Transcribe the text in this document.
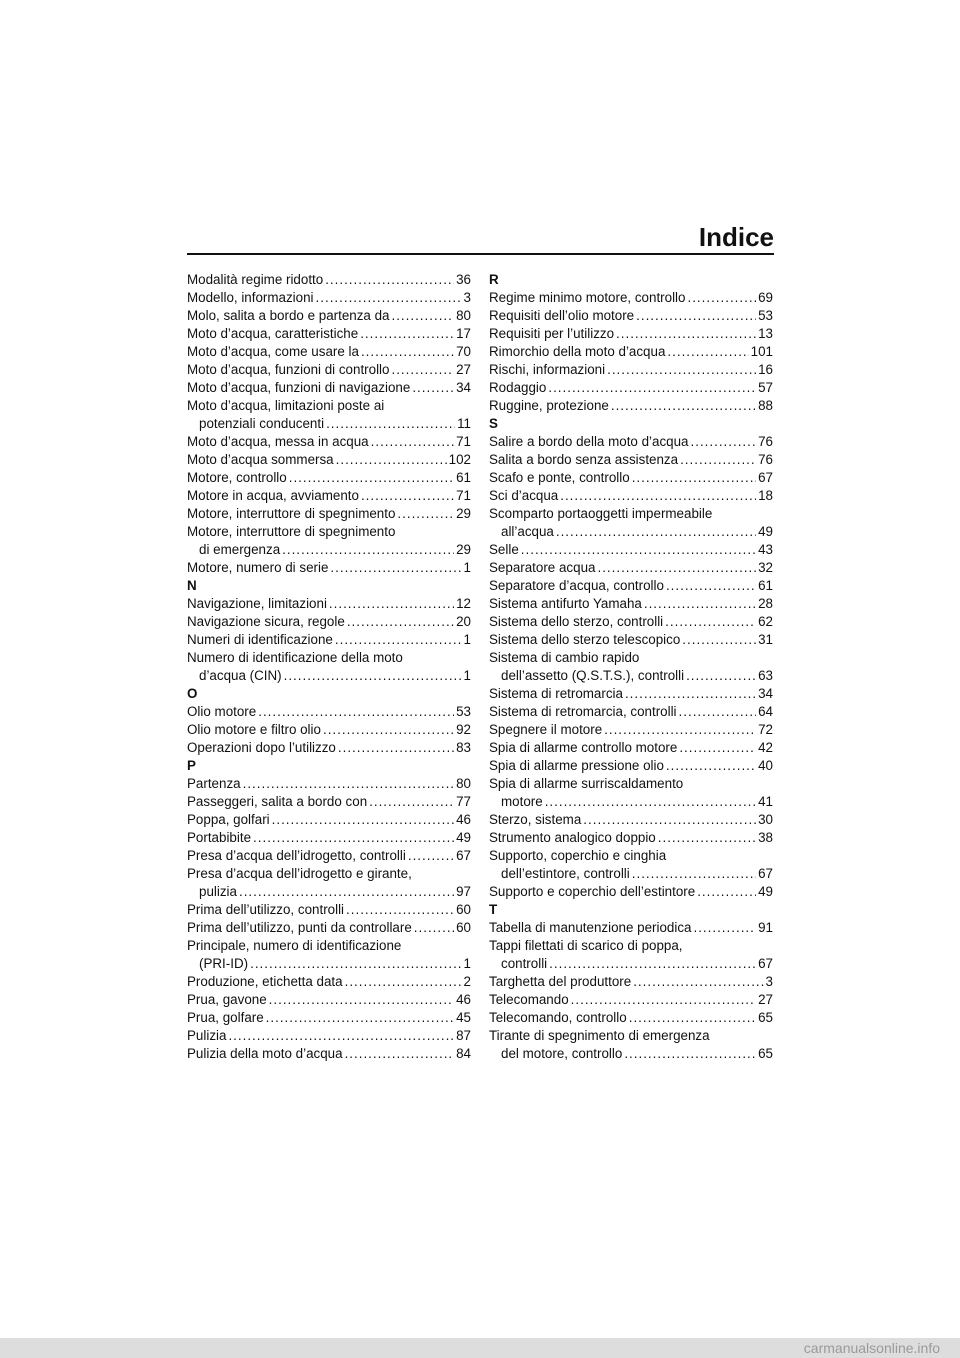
Indice
Modalità regime ridotto .....	36
Modello, informazioni .....	3
Molo, salita a bordo e partenza da .....	80
Moto d’acqua, caratteristiche .....	17
Moto d’acqua, come usare la .....	70
Moto d’acqua, funzioni di controllo .....	27
Moto d’acqua, funzioni di navigazione .....	34
Moto d’acqua, limitazioni poste ai
potenziali conducenti .....	11
Moto d’acqua, messa in acqua .....	71
Moto d’acqua sommersa .....	102
Motore, controllo .....	61
Motore in acqua, avviamento .....	71
Motore, interruttore di spegnimento .....	29
Motore, interruttore di spegnimento
di emergenza .....	29
Motore, numero di serie .....	1
N
Navigazione, limitazioni .....	12
Navigazione sicura, regole .....	20
Numeri di identificazione .....	1
Numero di identificazione della moto
d’acqua (CIN) .....	1
O
Olio motore .....	53
Olio motore e filtro olio .....	92
Operazioni dopo l’utilizzo .....	83
P
Partenza .....	80
Passeggeri, salita a bordo con .....	77
Poppa, golfari .....	46
Portabibite .....	49
Presa d’acqua dell’idrogetto, controlli .....	67
Presa d’acqua dell’idrogetto e girante,
pulizia .....	97
Prima dell’utilizzo, controlli .....	60
Prima dell’utilizzo, punti da controllare .....	60
Principale, numero di identificazione
(PRI-ID) .....	1
Produzione, etichetta data .....	2
Prua, gavone .....	46
Prua, golfare .....	45
Pulizia .....	87
Pulizia della moto d’acqua .....	84
R
Regime minimo motore, controllo .....	69
Requisiti dell’olio motore .....	53
Requisiti per l’utilizzo .....	13
Rimorchio della moto d’acqua .....	101
Rischi, informazioni .....	16
Rodaggio .....	57
Ruggine, protezione .....	88
S
Salire a bordo della moto d’acqua .....	76
Salita a bordo senza assistenza .....	76
Scafo e ponte, controllo .....	67
Sci d’acqua .....	18
Scomparto portaoggetti impermeabile
all’acqua .....	49
Selle .....	43
Separatore acqua .....	32
Separatore d’acqua, controllo .....	61
Sistema antifurto Yamaha .....	28
Sistema dello sterzo, controlli .....	62
Sistema dello sterzo telescopico .....	31
Sistema di cambio rapido
dell’assetto (Q.S.T.S.), controlli .....	63
Sistema di retromarcia .....	34
Sistema di retromarcia, controlli .....	64
Spegnere il motore .....	72
Spia di allarme controllo motore .....	42
Spia di allarme pressione olio .....	40
Spia di allarme surriscaldamento
motore .....	41
Sterzo, sistema .....	30
Strumento analogico doppio .....	38
Supporto, coperchio e cinghia
dell’estintore, controlli .....	67
Supporto e coperchio dell’estintore .....	49
T
Tabella di manutenzione periodica .....	91
Tappi filettati di scarico di poppa,
controlli .....	67
Targhetta del produttore .....	3
Telecomando .....	27
Telecomando, controllo .....	65
Tirante di spegnimento di emergenza
del motore, controllo .....	65
carmanualsonline.info
